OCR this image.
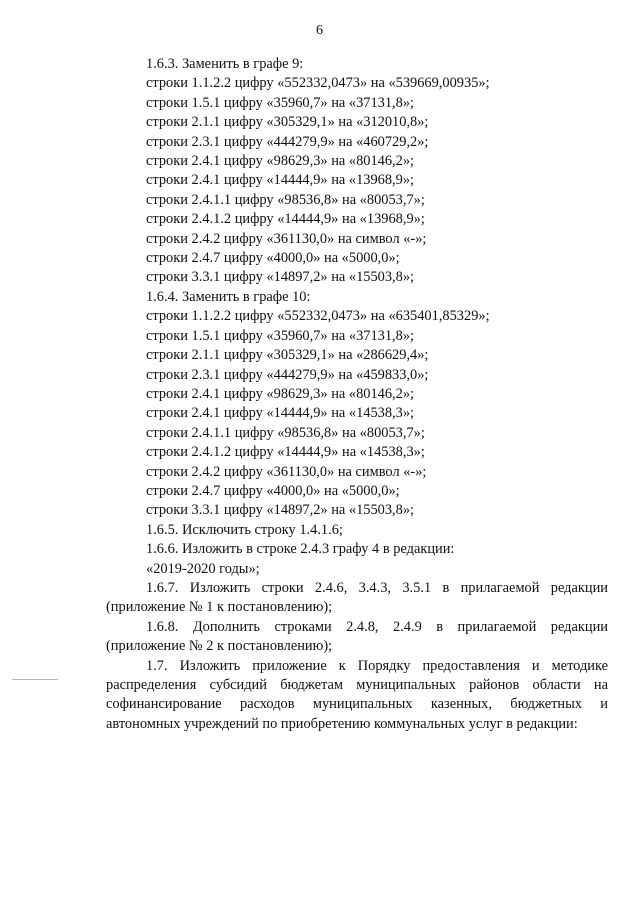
6
1.6.3. Заменить в графе 9:
строки 1.1.2.2 цифру «552332,0473» на «539669,00935»;
строки 1.5.1 цифру «35960,7» на «37131,8»;
строки 2.1.1 цифру «305329,1» на «312010,8»;
строки 2.3.1 цифру «444279,9» на «460729,2»;
строки 2.4.1 цифру «98629,3» на «80146,2»;
строки 2.4.1 цифру «14444,9» на «13968,9»;
строки 2.4.1.1 цифру «98536,8» на «80053,7»;
строки 2.4.1.2 цифру «14444,9» на «13968,9»;
строки 2.4.2 цифру «361130,0» на символ «-»;
строки 2.4.7 цифру «4000,0» на «5000,0»;
строки 3.3.1 цифру «14897,2» на «15503,8»;
1.6.4. Заменить в графе 10:
строки 1.1.2.2 цифру «552332,0473» на «635401,85329»;
строки 1.5.1 цифру «35960,7» на «37131,8»;
строки 2.1.1 цифру «305329,1» на «286629,4»;
строки 2.3.1 цифру «444279,9» на «459833,0»;
строки 2.4.1 цифру «98629,3» на «80146,2»;
строки 2.4.1 цифру «14444,9» на «14538,3»;
строки 2.4.1.1 цифру «98536,8» на «80053,7»;
строки 2.4.1.2 цифру «14444,9» на «14538,3»;
строки 2.4.2 цифру «361130,0» на символ «-»;
строки 2.4.7 цифру «4000,0» на «5000,0»;
строки 3.3.1 цифру «14897,2» на «15503,8»;
1.6.5. Исключить строку 1.4.1.6;
1.6.6. Изложить в строке 2.4.3 графу 4 в редакции:
«2019-2020 годы»;
1.6.7. Изложить строки 2.4.6, 3.4.3, 3.5.1 в прилагаемой редакции (приложение № 1 к постановлению);
1.6.8. Дополнить строками 2.4.8, 2.4.9 в прилагаемой редакции (приложение № 2 к постановлению);
1.7. Изложить приложение к Порядку предоставления и методике распределения субсидий бюджетам муниципальных районов области на софинансирование расходов муниципальных казенных, бюджетных и автономных учреждений по приобретению коммунальных услуг в редакции:
